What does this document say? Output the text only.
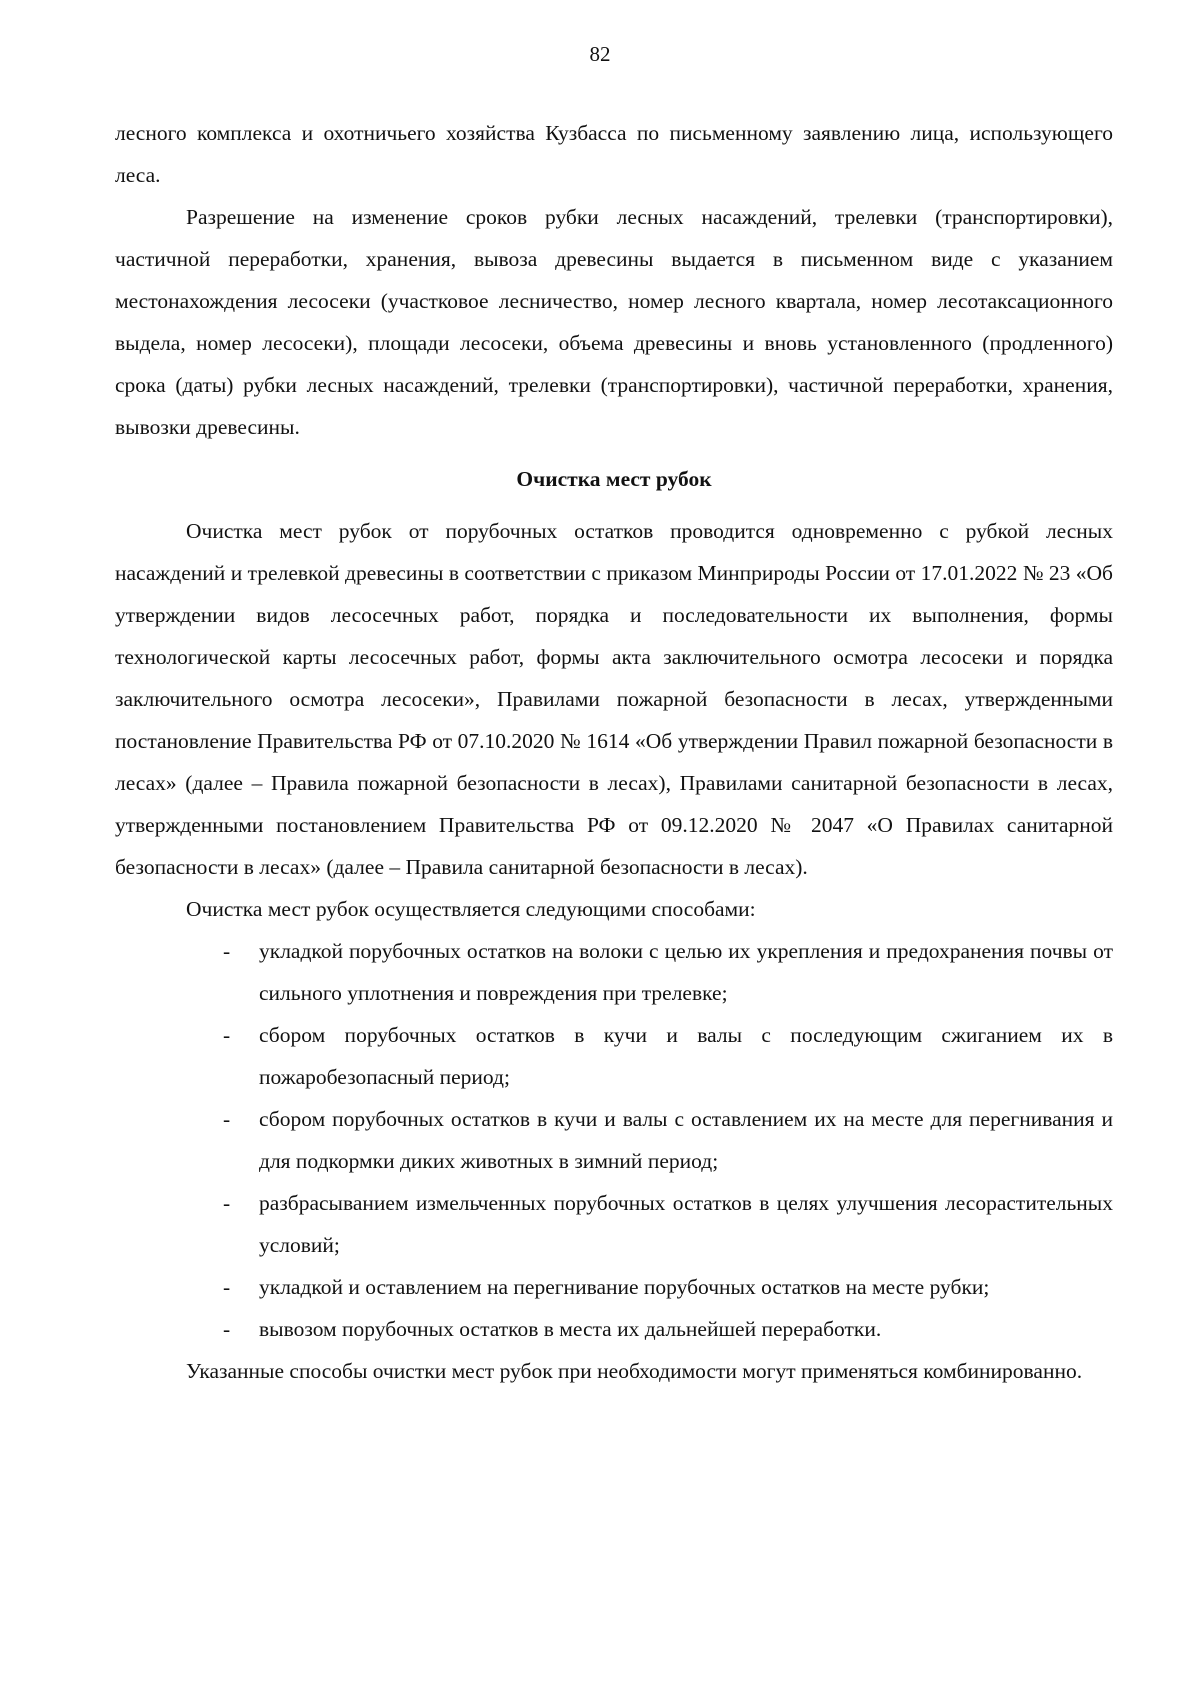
82

лесного комплекса и охотничьего хозяйства Кузбасса по письменному заявлению лица, использующего леса.

Разрешение на изменение сроков рубки лесных насаждений, трелевки (транспортировки), частичной переработки, хранения, вывоза древесины выдается в письменном виде с указанием местонахождения лесосеки (участковое лесничество, номер лесного квартала, номер лесотаксационного выдела, номер лесосеки), площади лесосеки, объема древесины и вновь установленного (продленного) срока (даты) рубки лесных насаждений, трелевки (транспортировки), частичной переработки, хранения, вывозки древесины.

Очистка мест рубок

Очистка мест рубок от порубочных остатков проводится одновременно с рубкой лесных насаждений и трелевкой древесины в соответствии с приказом Минприроды России от 17.01.2022 № 23 «Об утверждении видов лесосечных работ, порядка и последовательности их выполнения, формы технологической карты лесосечных работ, формы акта заключительного осмотра лесосеки и порядка заключительного осмотра лесосеки», Правилами пожарной безопасности в лесах, утвержденными постановление Правительства РФ от 07.10.2020 № 1614 «Об утверждении Правил пожарной безопасности в лесах» (далее – Правила пожарной безопасности в лесах), Правилами санитарной безопасности в лесах, утвержденными постановлением Правительства РФ от 09.12.2020 № 2047 «О Правилах санитарной безопасности в лесах» (далее – Правила санитарной безопасности в лесах).

Очистка мест рубок осуществляется следующими способами:

- укладкой порубочных остатков на волоки с целью их укрепления и предохранения почвы от сильного уплотнения и повреждения при трелевке;
- сбором порубочных остатков в кучи и валы с последующим сжиганием их в пожаробезопасный период;
- сбором порубочных остатков в кучи и валы с оставлением их на месте для перегнивания и для подкормки диких животных в зимний период;
- разбрасыванием измельченных порубочных остатков в целях улучшения лесорастительных условий;
- укладкой и оставлением на перегнивание порубочных остатков на месте рубки;
- вывозом порубочных остатков в места их дальнейшей переработки.

Указанные способы очистки мест рубок при необходимости могут применяться комбинированно.
